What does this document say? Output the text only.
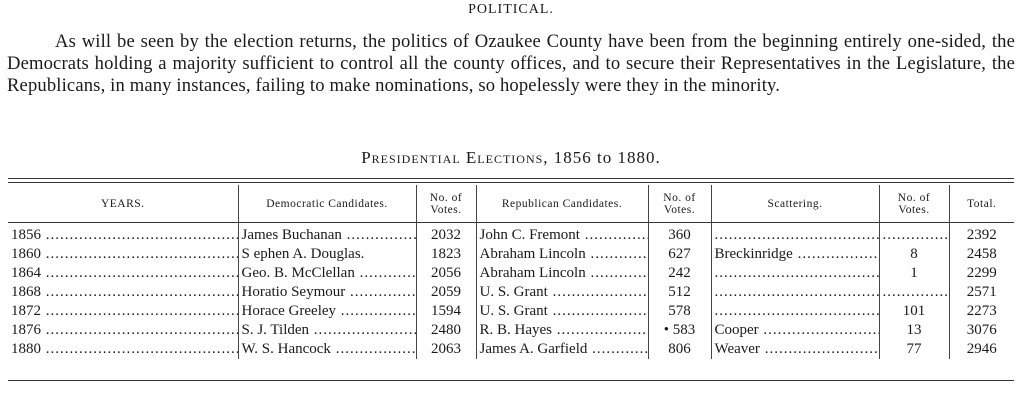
POLITICAL.
As will be seen by the election returns, the politics of Ozaukee County have been from the beginning entirely one-sided, the Democrats holding a majority sufficient to control all the county offices, and to secure their Representatives in the Legislature, the Republicans, in many instances, failing to make nominations, so hopelessly were they in the minority.
Presidential Elections, 1856 to 1880.
YEARS.	Democratic Candidates.	No. of Votes.	Republican Candidates.	No. of Votes.	Scattering.	No. of Votes.	Total.
1856 .....	James Buchanan .....	2032	John C. Fremont .....	360	.....	.....	2392
1860 .....	S ephen A. Douglas.	1823	Abraham Lincoln .....	627	Breckinridge .....	8	2458
1864 .....	Geo. B. McClellan .....	2056	Abraham Lincoln .....	242	.....	1	2299
1868 .....	Horatio Seymour .....	2059	U. S. Grant .....	512	.....	.....	2571
1872 .....	Horace Greeley .....	1594	U. S. Grant .....	578	.....	101	2273
1876 .....	S. J. Tilden .....	2480	R. B. Hayes .....	• 583	Cooper .....	13	3076
1880 .....	W. S. Hancock .....	2063	James A. Garfield .....	806	Weaver .....	77	2946
